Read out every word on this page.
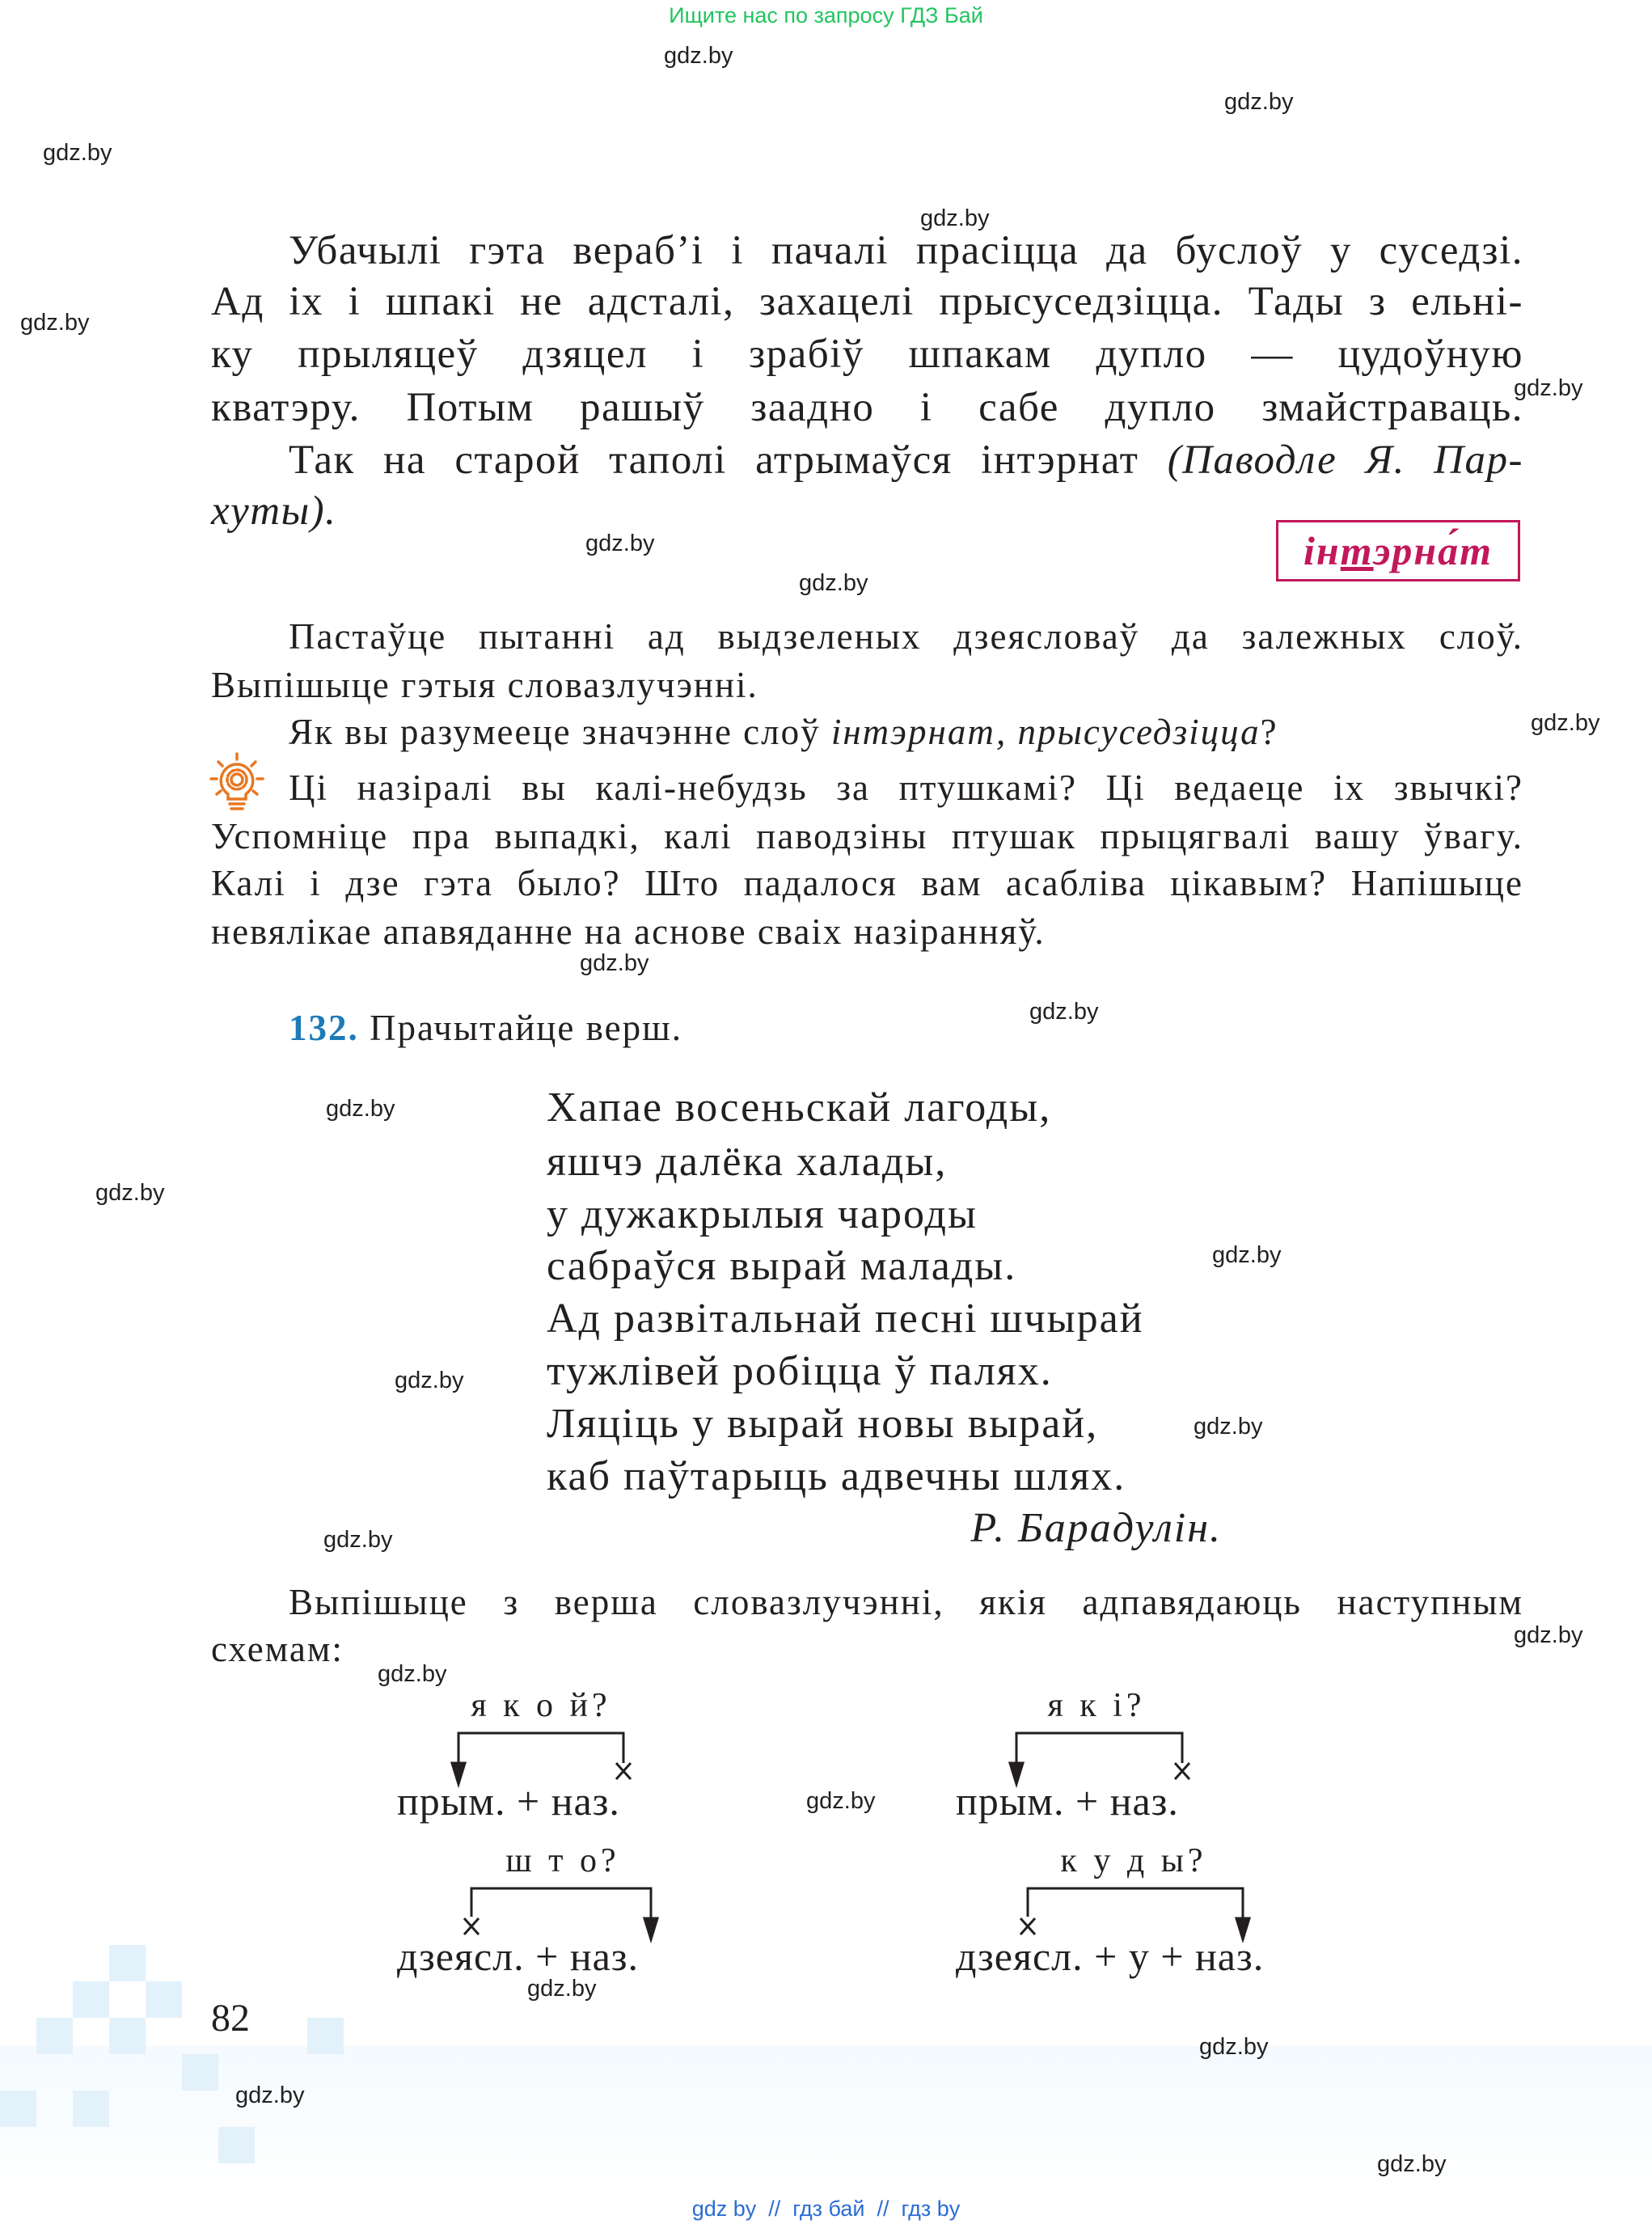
Ищите нас по запросу ГДЗ Бай
Убачылі гэта вераб’і і пачалі прасіцца да буслоў у суседзі.
Ад іх і шпакі не адсталі, захацелі прысуседзіцца. Тады з ельні-
ку прыляцеў дзяцел і зрабіў шпакам дупло — цудоўную
кватэру. Потым рашыў заадно і сабе дупло змайстраваць.
Так на старой таполі атрымаўся інтэрнат (Паводле Я. Пар-
хуты).
інтэрна́т
Пастаўце пытанні ад выдзеленых дзеясловаў да залежных слоў.
Выпішыце гэтыя словазлучэнні.
Як вы разумееце значэнне слоў інтэрнат, прысуседзіцца?
Ці назіралі вы калі-небудзь за птушкамі? Ці ведаеце іх звычкі?
Успомніце пра выпадкі, калі паводзіны птушак прыцягвалі вашу ўвагу.
Калі і дзе гэта было? Што падалося вам асабліва цікавым? Напішыце
невялікае апавяданне на аснове сваіх назіранняў.
132. Прачытайце верш.
Хапае восеньскай лагоды,
яшчэ далёка халады,
у дужакрылыя чароды
сабраўся вырай малады.
Ад развітальнай песні шчырай
тужлівей робіцца ў палях.
Ляціць у вырай новы вырай,
каб паўтарыць адвечны шлях.
Р. Барадулін.
Выпішыце з верша словазлучэнні, якія адпавядаюць наступным
схемам:
я к о й?
прым. + наз.
я к і?
прым. + наз.
ш т о?
дзеясл. + наз.
к у д ы?
дзеясл. + у + наз.
82
gdz.by
gdz.by
gdz.by
gdz.by
gdz.by
gdz.by
gdz.by
gdz.by
gdz.by
gdz.by
gdz.by
gdz.by
gdz.by
gdz.by
gdz.by
gdz.by
gdz.by
gdz.by
gdz.by
gdz.by
gdz.by
gdz.by
gdz.by
gdz.by
gdz by  //  гдз бай  //  гдз by
